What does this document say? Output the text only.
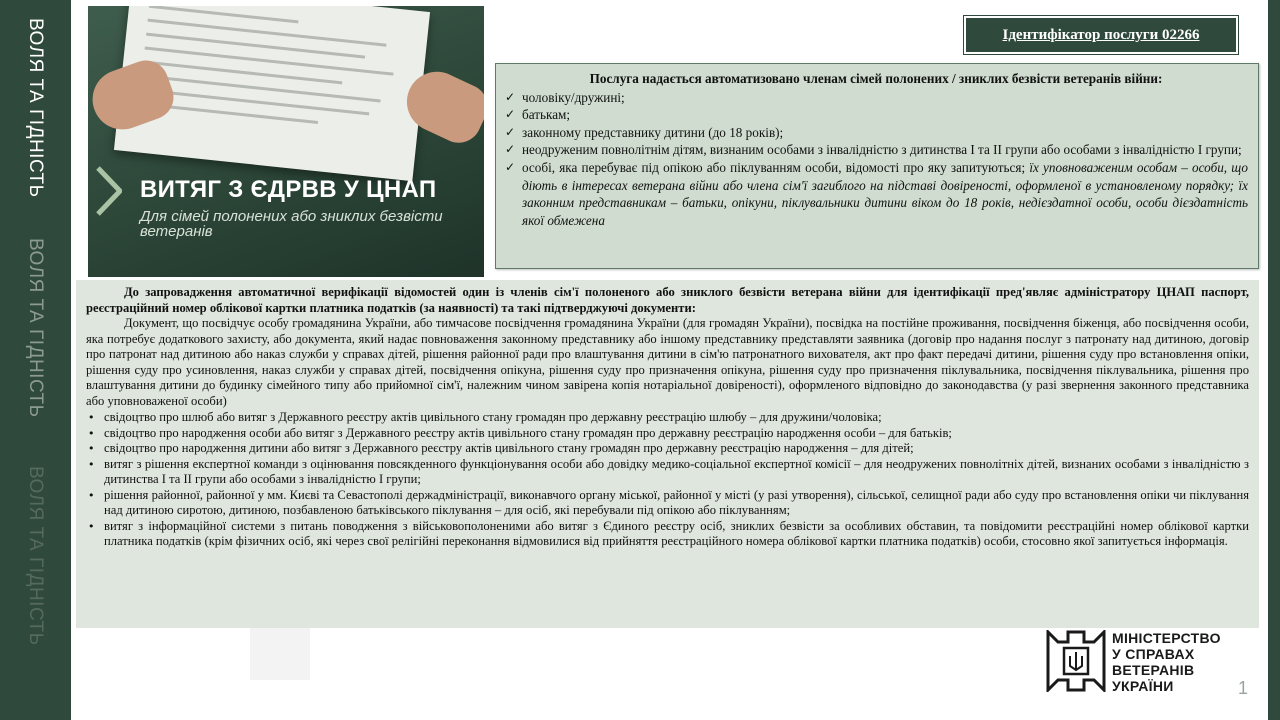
ВОЛЯ ТА ГІДНІСТЬ
ВОЛЯ ТА ГІДНІСТЬ
ВОЛЯ ТА ГІДНІСТЬ
ВИТЯГ З ЄДРВВ У ЦНАП
Для сімей полонених або зниклих безвісти ветеранів
Ідентифікатор послуги 02266
Послуга надається автоматизовано членам сімей полонених / зниклих безвісти ветеранів війни:
✓ чоловіку/дружині;
✓ батькам;
✓ законному представнику дитини (до 18 років);
✓ неодруженим повнолітнім дітям, визнаним особами з інвалідністю з дитинства I та II групи або особами з інвалідністю I групи;
✓ особі, яка перебуває під опікою або піклуванням особи, відомості про яку запитуються; їх уповноваженим особам – особи, що діють в інтересах ветерана війни або члена сім'ї загиблого на підставі довіреності, оформленої в установленому порядку; їх законним представникам – батьки, опікуни, піклувальники дитини віком до 18 років, недієздатної особи, особи дієздатність якої обмежена

До запровадження автоматичної верифікації відомостей один із членів сім'ї полоненого або зниклого безвісти ветерана війни для ідентифікації пред'являє адміністратору ЦНАП паспорт, реєстраційний номер облікової картки платника податків (за наявності) та такі підтверджуючі документи:

Документ, що посвідчує особу громадянина України, або тимчасове посвідчення громадянина України (для громадян України), посвідка на постійне проживання, посвідчення біженця, або посвідчення особи, яка потребує додаткового захисту, або документа, який надає повноваження законному представнику або іншому представнику представляти заявника (договір про надання послуг з патронату над дитиною, договір про патронат над дитиною або наказ служби у справах дітей, рішення районної ради про влаштування дитини в сім'ю патронатного вихователя, акт про факт передачі дитини, рішення суду про встановлення опіки, рішення суду про усиновлення, наказ служби у справах дітей, посвідчення опікуна, рішення суду про призначення опікуна, рішення суду про призначення піклувальника, посвідчення піклувальника, рішення про влаштування дитини до будинку сімейного типу або прийомної сім'ї, належним чином завірена копія нотаріальної довіреності), оформленого відповідно до законодавства (у разі звернення законного представника або уповноваженої особи)

• свідоцтво про шлюб або витяг з Державного реєстру актів цивільного стану громадян про державну реєстрацію шлюбу – для дружини/чоловіка;
• свідоцтво про народження особи або витяг з Державного реєстру актів цивільного стану громадян про державну реєстрацію народження особи – для батьків;
• свідоцтво про народження дитини або витяг з Державного реєстру актів цивільного стану громадян про державну реєстрацію народження – для дітей;
• витяг з рішення експертної команди з оцінювання повсякденного функціонування особи або довідку медико-соціальної експертної комісії – для неодружених повнолітніх дітей, визнаних особами з інвалідністю з дитинства I та II групи або особами з інвалідністю I групи;
• рішення районної, районної у мм. Києві та Севастополі держадміністрації, виконавчого органу міської, районної у місті (у разі утворення), сільської, селищної ради або суду про встановлення опіки чи піклування над дитиною сиротою, дитиною, позбавленою батьківського піклування – для осіб, які перебували під опікою або піклуванням;
• витяг з інформаційної системи з питань поводження з військовополоненими або витяг з Єдиного реєстру осіб, зниклих безвісти за особливих обставин, та повідомити реєстраційні номер облікової картки платника податків (крім фізичних осіб, які через свої релігійні переконання відмовилися від прийняття реєстраційного номера облікової картки платника податків) особи, стосовно якої запитується інформація.
МІНІСТЕРСТВО
У СПРАВАХ
ВЕТЕРАНІВ
УКРАЇНИ	1
